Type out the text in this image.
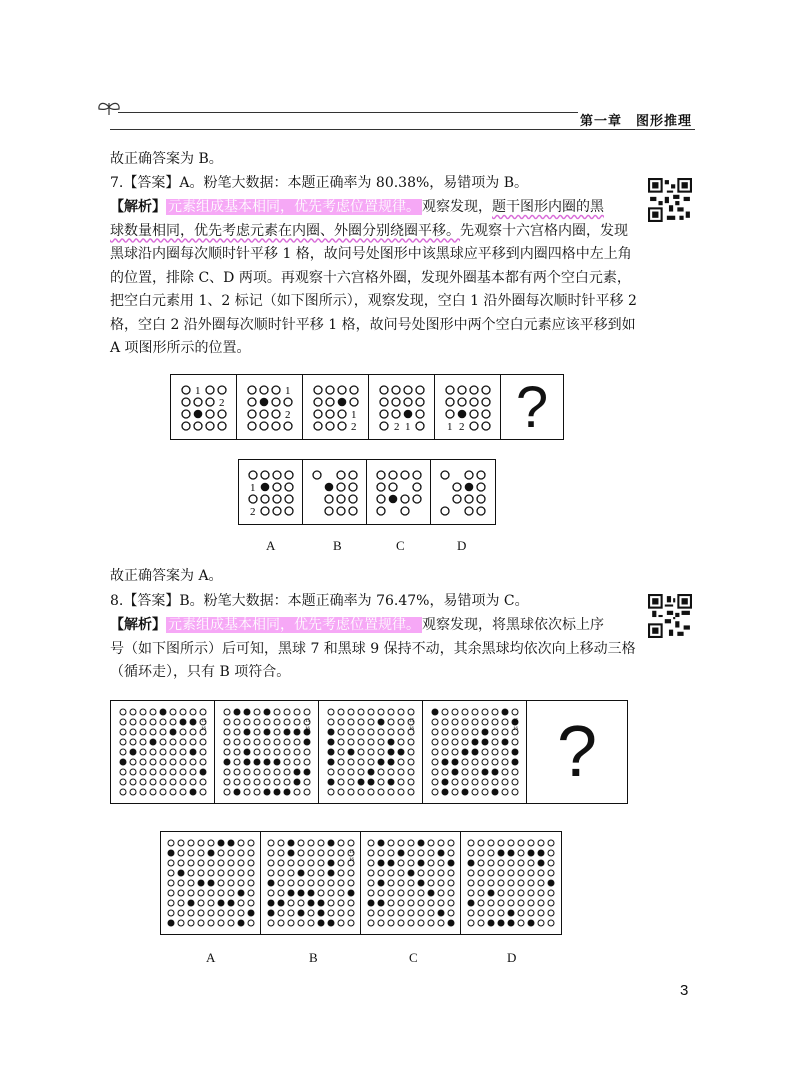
第一章　图形推理
故正确答案为 B。
7.【答案】A。粉笔大数据：本题正确率为 80.38%，易错项为 B。
【解析】 元素组成基本相同，优先考虑位置规律。 观察发现，题干图形内圈的黑
球数量相同，优先考虑元素在内圈、外圈分别绕圈平移。先观察十六宫格内圈，发现
黑球沿内圈每次顺时针平移 1 格，故问号处图形中该黑球应平移到内圈四格中左上角
的位置，排除 C、D 两项。再观察十六宫格外圈，发现外圈基本都有两个空白元素，
把空白元素用 1、2 标记（如下图所示），观察发现，空白 1 沿外圈每次顺时针平移 2
格，空白 2 沿外圈每次顺时针平移 1 格，故问号处图形中两个空白元素应该平移到如
A 项图形所示的位置。
1
2
1
2	1
2	1
2	1 2 ?
1
2
A	B	C	D
故正确答案为 A。
8.【答案】B。粉笔大数据：本题正确率为 76.47%，易错项为 C。
【解析】 元素组成基本相同，优先考虑位置规律。 观察发现，将黑球依次标上序
号（如下图所示）后可知，黑球 7 和黑球 9 保持不动，其余黑球均依次向上移动三格
（循环走），只有 B 项符合。
15
16
15
16
15
16
15
16 ?
15
16
A	B	C	D
3
